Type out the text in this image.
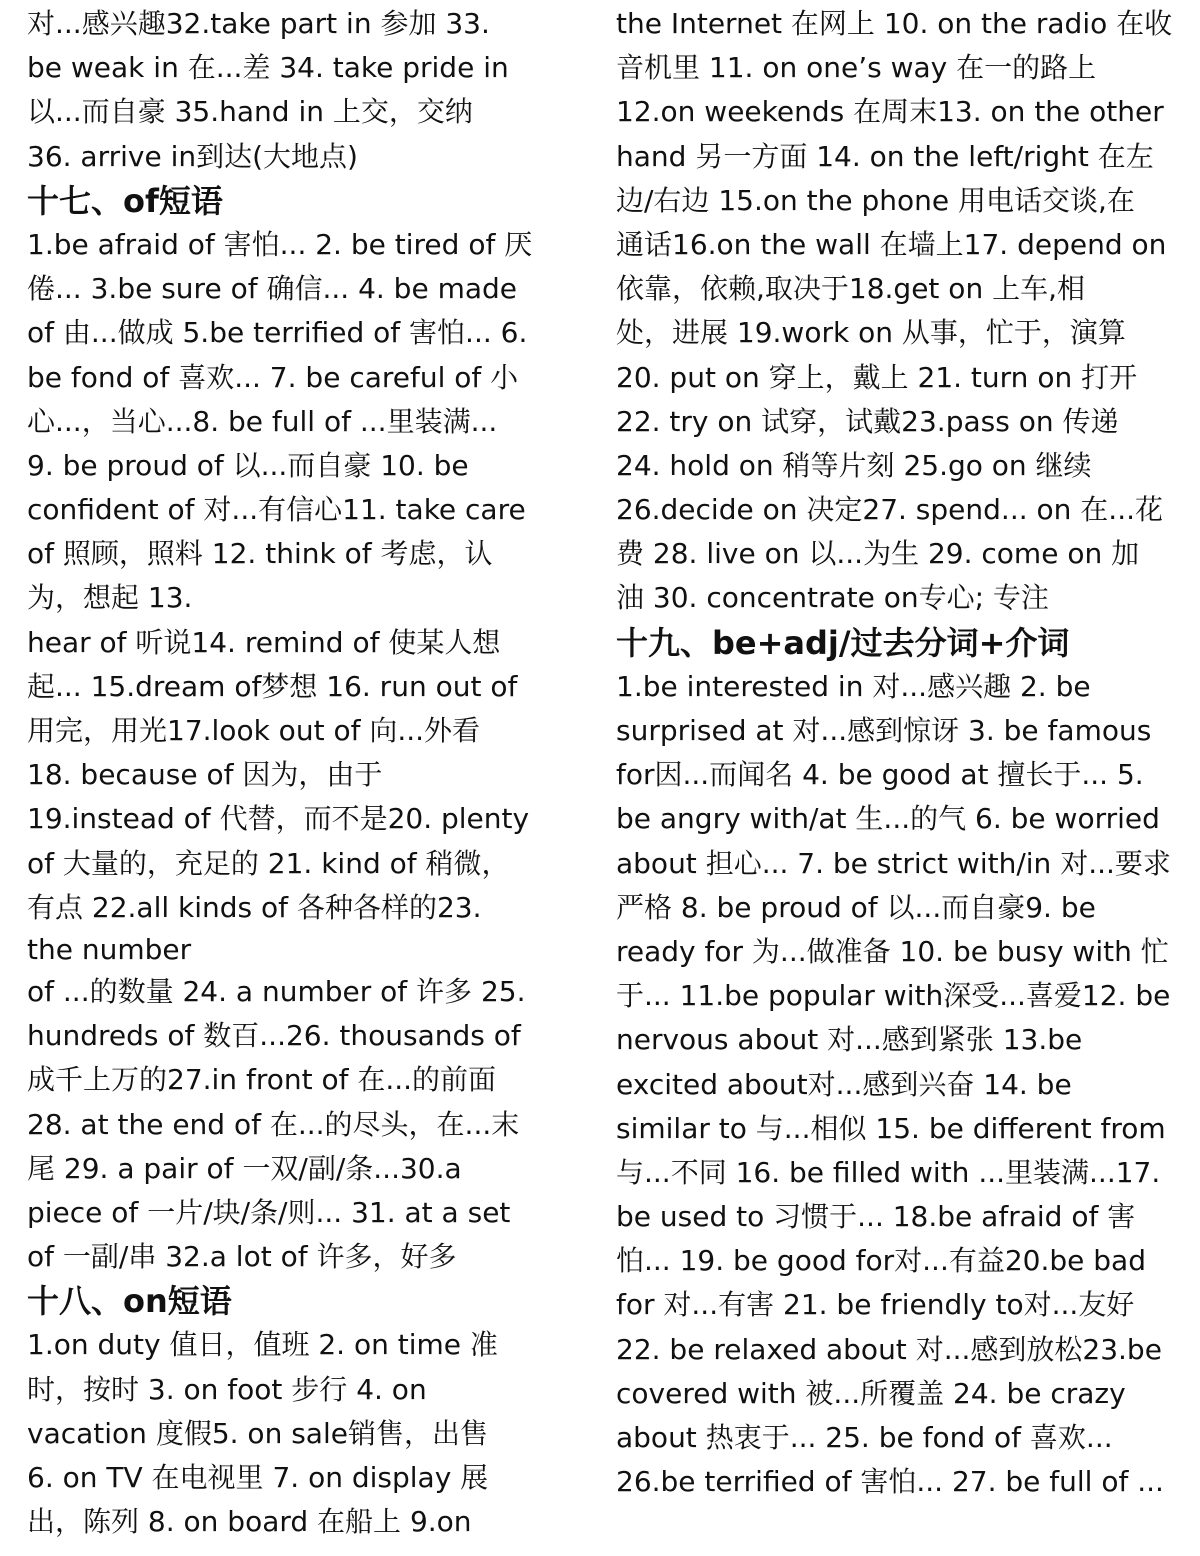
对...感兴趣32.take part in 参加 33.
be weak in 在...差 34. take pride in
以...而自豪 35.hand in 上交，交纳
36. arrive in到达(大地点)
十七、of短语
1.be afraid of 害怕... 2. be tired of 厌
倦... 3.be sure of 确信... 4. be made
of 由...做成 5.be terrified of 害怕... 6.
be fond of 喜欢... 7. be careful of 小
心...，当心...8. be full of ...里装满...
9. be proud of 以...而自豪 10. be
confident of 对...有信心11. take care
of 照顾，照料 12. think of 考虑，认
为，想起 13.
hear of 听说14. remind of 使某人想
起... 15.dream of梦想 16. run out of
用完，用光17.look out of 向...外看
18. because of 因为，由于
19.instead of 代替，而不是20. plenty
of 大量的，充足的 21. kind of 稍微，
有点 22.all kinds of 各种各样的23.
the number
of ...的数量 24. a number of 许多 25.
hundreds of 数百...26. thousands of
成千上万的27.in front of 在...的前面
28. at the end of 在...的尽头，在...末
尾 29. a pair of 一双/副/条...30.a
piece of 一片/块/条/则... 31. at a set
of 一副/串 32.a lot of 许多，好多
十八、on短语
1.on duty 值日，值班 2. on time 准
时，按时 3. on foot 步行 4. on
vacation 度假5. on sale销售，出售
6. on TV 在电视里 7. on display 展
出，陈列 8. on board 在船上 9.on
the Internet 在网上 10. on the radio 在收
音机里 11. on one’s way 在一的路上
12.on weekends 在周末13. on the other
hand 另一方面 14. on the left/right 在左
边/右边 15.on the phone 用电话交谈,在
通话16.on the wall 在墙上17. depend on
依靠，依赖,取决于18.get on 上车,相
处，进展 19.work on 从事，忙于，演算
20. put on 穿上，戴上 21. turn on 打开
22. try on 试穿，试戴23.pass on 传递
24. hold on 稍等片刻 25.go on 继续
26.decide on 决定27. spend... on 在...花
费 28. live on 以...为生 29. come on 加
油 30. concentrate on专心; 专注
十九、be+adj/过去分词+介词
1.be interested in 对...感兴趣 2. be
surprised at 对...感到惊讶 3. be famous
for因...而闻名 4. be good at 擅长于... 5.
be angry with/at 生...的气 6. be worried
about 担心... 7. be strict with/in 对...要求
严格 8. be proud of 以...而自豪9. be
ready for 为...做准备 10. be busy with 忙
于... 11.be popular with深受...喜爱12. be
nervous about 对...感到紧张 13.be
excited about对...感到兴奋 14. be
similar to 与...相似 15. be different from
与...不同 16. be filled with ...里装满...17.
be used to 习惯于... 18.be afraid of 害
怕... 19. be good for对...有益20.be bad
for 对...有害 21. be friendly to对...友好
22. be relaxed about 对...感到放松23.be
covered with 被...所覆盖 24. be crazy
about 热衷于... 25. be fond of 喜欢...
26.be terrified of 害怕... 27. be full of ...
